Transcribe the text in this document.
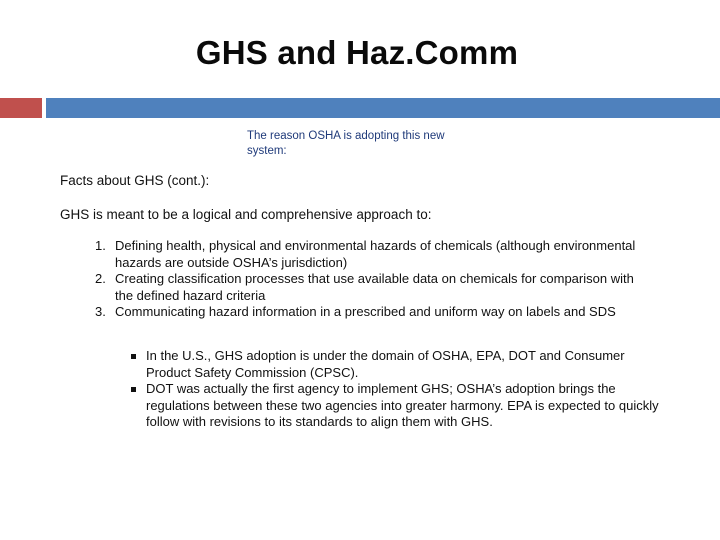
GHS and Haz.Comm
The reason OSHA is adopting this new system:
Facts about GHS (cont.):
GHS is meant to be a logical and comprehensive approach to:
1. Defining health, physical and environmental hazards of chemicals (although environmental hazards are outside OSHA’s jurisdiction)
2. Creating classification processes that use available data on chemicals for comparison with the defined hazard criteria
3. Communicating hazard information in a prescribed and uniform way on labels and SDS
In the U.S., GHS adoption is under the domain of OSHA, EPA, DOT and Consumer Product Safety Commission (CPSC).
DOT was actually the first agency to implement GHS; OSHA’s adoption brings the regulations between these two agencies into greater harmony. EPA is expected to quickly follow with revisions to its standards to align them with GHS.
